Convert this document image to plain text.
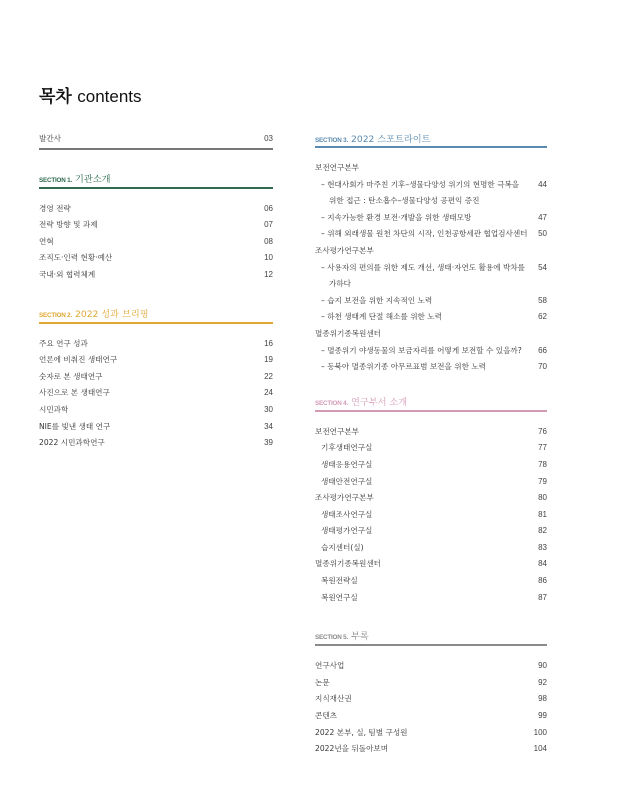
목차 contents
발간사	03
SECTION 1. 기관소개
경영 전략	06
전략 방향 및 과제	07
연혁	08
조직도·인력 현황·예산	10
국내·외 협력체계	12
SECTION 2. 2022 성과 브리핑
주요 연구 성과	16
언론에 비춰진 생태연구	19
숫자로 본 생태연구	22
사진으로 본 생태연구	24
시민과학	30
NIE를 빛낸 생태 연구	34
2022 시민과학연구	39
SECTION 3. 2022 스포트라이트
보전연구본부
– 현대사회가 마주친 기후–생물다양성 위기의 현명한 극복을 44
위한 접근 : 탄소흡수–생물다양성 공편익 증진
– 지속가능한 환경 보전·개발을 위한 생태모방	47
– 위해 외래생물 원천 차단의 시작, 인천공항세관 협업검사센터 50
조사평가연구본부
– 사용자의 편의를 위한 제도 개선, 생태·자연도 활용에 박차를 54
가하다
– 습지 보전을 위한 지속적인 노력	58
– 하천 생태계 단절 해소를 위한 노력	62
멸종위기종복원센터
– 멸종위기 야생동물의 보금자리를 어떻게 보전할 수 있을까? 66
– 동북아 멸종위기종 아무르표범 보전을 위한 노력	70
SECTION 4. 연구부서 소개
보전연구본부	76
기후생태연구실	77
생태응용연구실	78
생태안전연구실	79
조사평가연구본부	80
생태조사연구실	81
생태평가연구실	82
습지센터(실)	83
멸종위기종복원센터	84
복원전략실	86
복원연구실	87
SECTION 5. 부록
연구사업	90
논문	92
지식재산권	98
콘텐츠	99
2022 본부, 실, 팀별 구성원	100
2022년을 뒤돌아보며	104
